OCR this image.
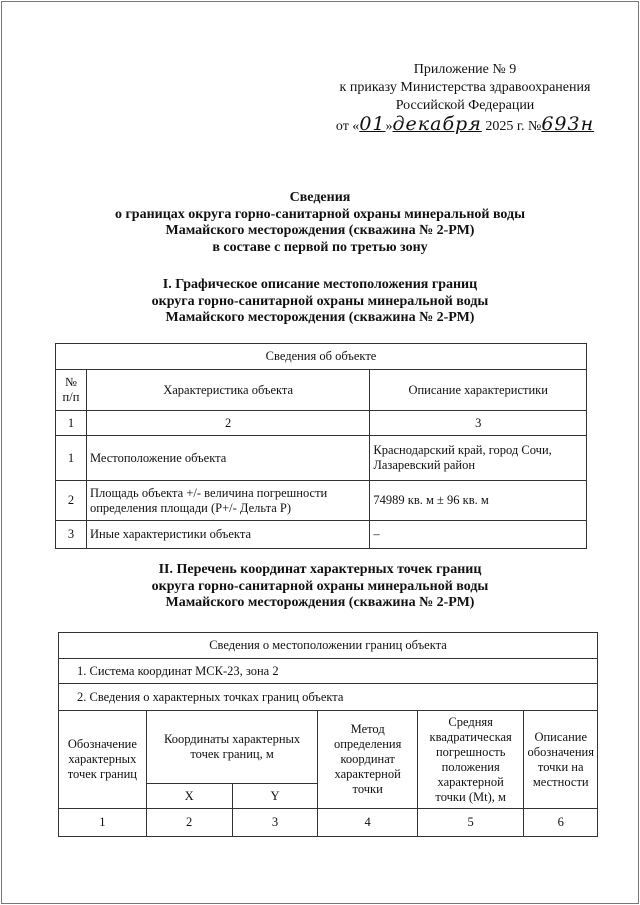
Приложение № 9
к приказу Министерства здравоохранения
Российской Федерации
от «01»декабря 2025 г. №693н
Сведения
о границах округа горно-санитарной охраны минеральной воды
Мамайского месторождения (скважина № 2-РМ)
в составе с первой по третью зону
I. Графическое описание местоположения границ
округа горно-санитарной охраны минеральной воды
Мамайского месторождения (скважина № 2-РМ)
Сведения об объекте		
№ п/п	Характеристика объекта	Описание характеристики
1	2	3
1	Местоположение объекта	Краснодарский край, город Сочи, Лазаревский район
2	Площадь объекта +/- величина погрешности определения площади (Р+/- Дельта Р)	74989 кв. м ± 96 кв. м
3	Иные характеристики объекта	–
II. Перечень координат характерных точек границ
округа горно-санитарной охраны минеральной воды
Мамайского месторождения (скважина № 2-РМ)
Сведения о местоположении границ объекта					
1. Система координат МСК-23, зона 2					
2. Сведения о характерных точках границ объекта					
Обозначение характерных точек границ	Координаты характерных точек границ, м		Метод определения координат характерной точки	Средняя квадратическая погрешность положения характерной точки (Mt), м	Описание обозначения точки на местности
	X	Y			
1	2	3	4	5	6
